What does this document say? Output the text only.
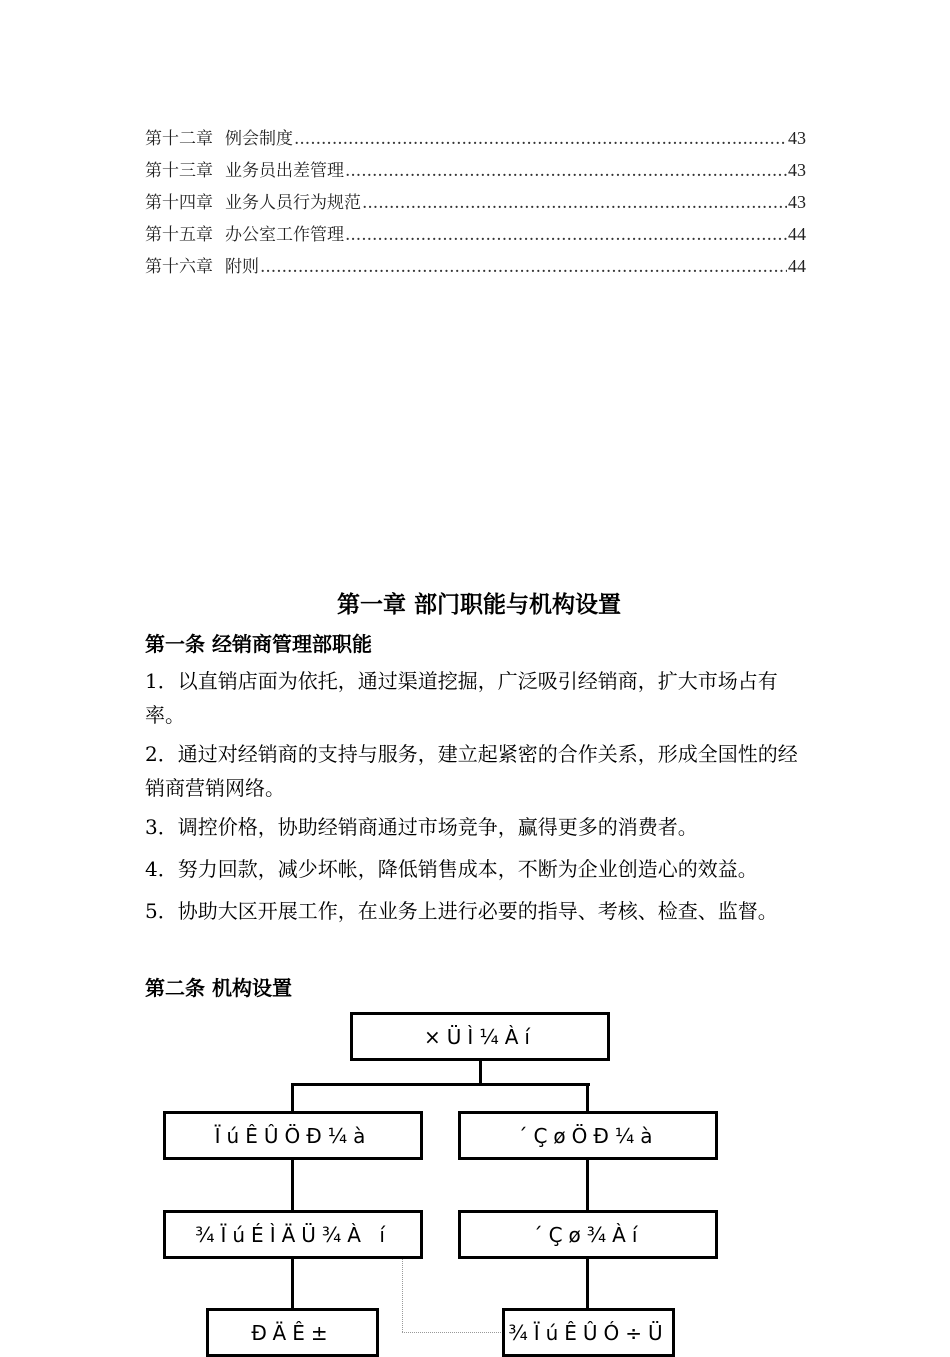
第十二章 例会制度 .....	43
第十三章 业务员出差管理 .....	43
第十四章 业务人员行为规范 .....	43
第十五章 办公室工作管理 .....	44
第十六章 附则 .....	44
第一章 部门职能与机构设置
第一条 经销商管理部职能

1．以直销店面为依托，通过渠道挖掘，广泛吸引经销商，扩大市场占有率。

2．通过对经销商的支持与服务，建立起紧密的合作关系，形成全国性的经销商营销网络。

3．调控价格，协助经销商通过市场竞争，赢得更多的消费者。

4．努力回款，减少坏帐，降低销售成本，不断为企业创造心的效益。

5．协助大区开展工作，在业务上进行必要的指导、考核、检查、监督。

第二条 机构设置
×ÜÌ¼Àí
ÏúÊÛÖÐ¼à	´ÇøÖÐ¼à
¾ÏúÉÌÄÜ¾À í	´Çø¾Àí
ÐÄÊ±	¾ÏúÊÛÓ÷Ü
